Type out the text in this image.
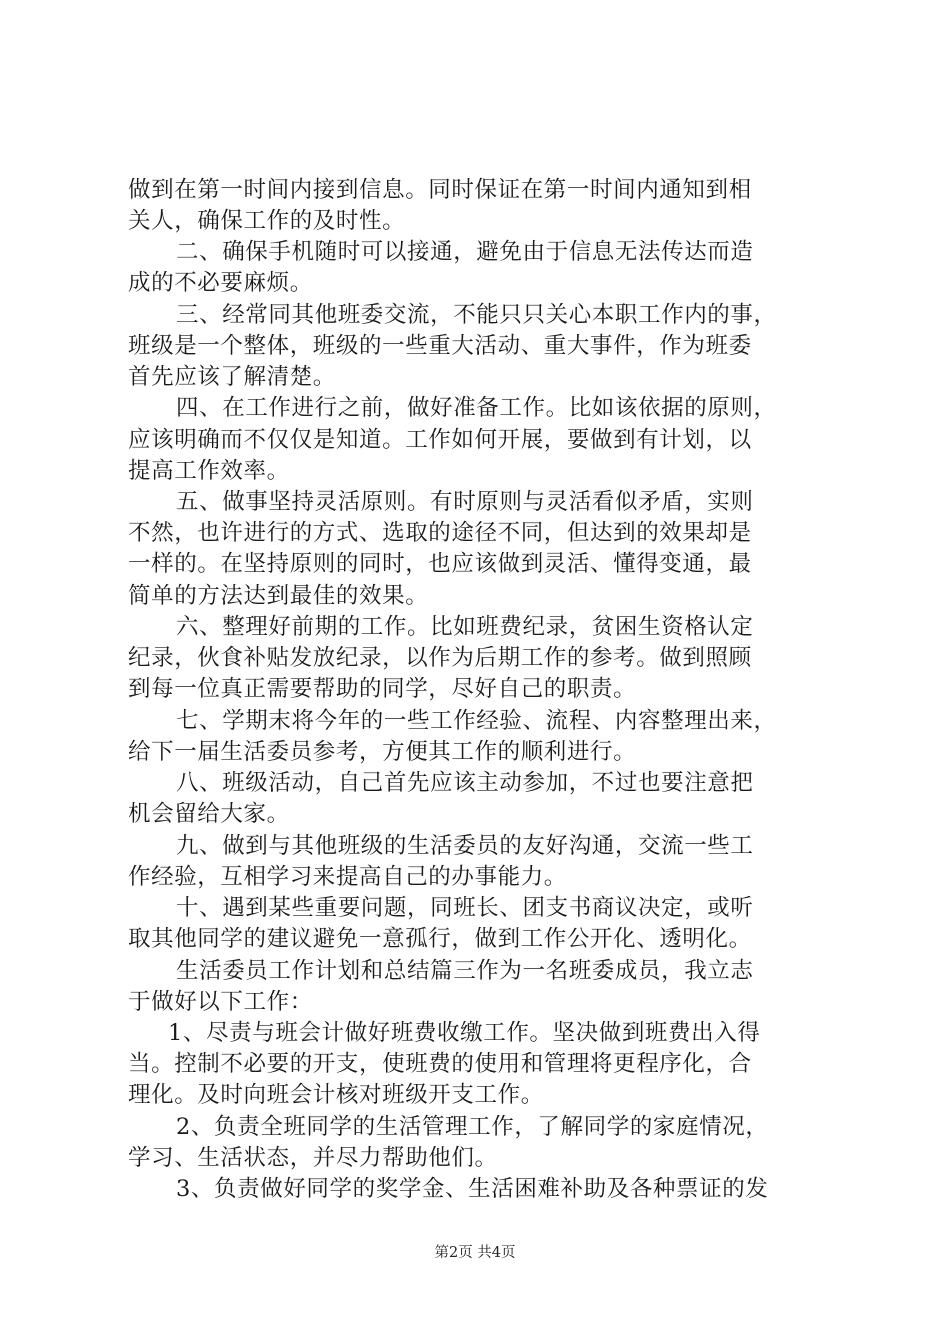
做到在第一时间内接到信息。同时保证在第一时间内通知到相
关人，确保工作的及时性。
二、确保手机随时可以接通，避免由于信息无法传达而造
成的不必要麻烦。
三、经常同其他班委交流，不能只只关心本职工作内的事，
班级是一个整体，班级的一些重大活动、重大事件，作为班委
首先应该了解清楚。
四、在工作进行之前，做好准备工作。比如该依据的原则，
应该明确而不仅仅是知道。工作如何开展，要做到有计划，以
提高工作效率。
五、做事坚持灵活原则。有时原则与灵活看似矛盾，实则
不然，也许进行的方式、选取的途径不同，但达到的效果却是
一样的。在坚持原则的同时，也应该做到灵活、懂得变通，最
简单的方法达到最佳的效果。
六、整理好前期的工作。比如班费纪录，贫困生资格认定
纪录，伙食补贴发放纪录，以作为后期工作的参考。做到照顾
到每一位真正需要帮助的同学，尽好自己的职责。
七、学期末将今年的一些工作经验、流程、内容整理出来，
给下一届生活委员参考，方便其工作的顺利进行。
八、班级活动，自己首先应该主动参加，不过也要注意把
机会留给大家。
九、做到与其他班级的生活委员的友好沟通，交流一些工
作经验，互相学习来提高自己的办事能力。
十、遇到某些重要问题，同班长、团支书商议决定，或听
取其他同学的建议避免一意孤行，做到工作公开化、透明化。
生活委员工作计划和总结篇三作为一名班委成员，我立志
于做好以下工作：
1、尽责与班会计做好班费收缴工作。坚决做到班费出入得
当。控制不必要的开支，使班费的使用和管理将更程序化，合
理化。及时向班会计核对班级开支工作。
2、负责全班同学的生活管理工作，了解同学的家庭情况，
学习、生活状态，并尽力帮助他们。
3、负责做好同学的奖学金、生活困难补助及各种票证的发
第2页 共4页
